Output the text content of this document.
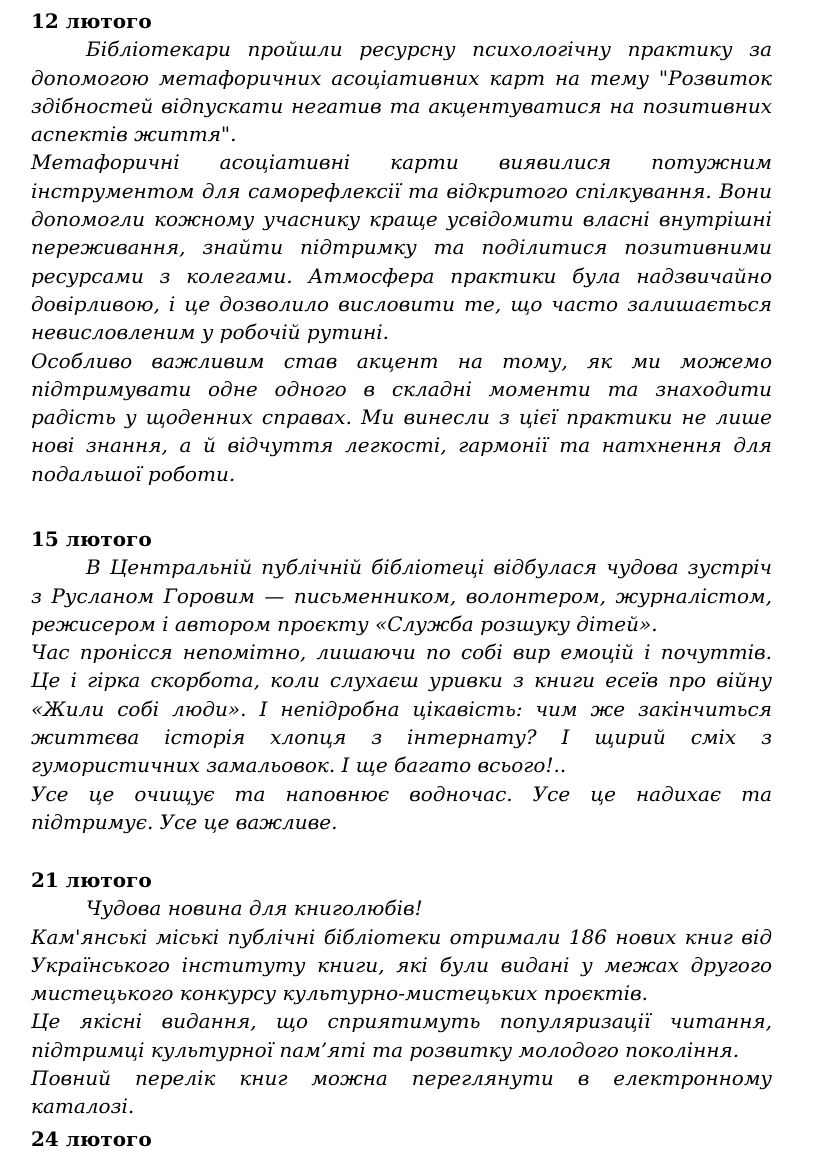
12 лютого

Бібліотекари пройшли ресурсну психологічну практику за допомогою метафоричних асоціативних карт на тему "Розвиток здібностей відпускати негатив та акцентуватися на позитивних аспектів життя".

Метафоричні асоціативні карти виявилися потужним інструментом для саморефлексії та відкритого спілкування. Вони допомогли кожному учаснику краще усвідомити власні внутрішні переживання, знайти підтримку та поділитися позитивними ресурсами з колегами. Атмосфера практики була надзвичайно довірливою, і це дозволило висловити те, що часто залишається невисловленим у робочій рутині.

Особливо важливим став акцент на тому, як ми можемо підтримувати одне одного в складні моменти та знаходити радість у щоденних справах. Ми винесли з цієї практики не лише нові знання, а й відчуття легкості, гармонії та натхнення для подальшої роботи.

15 лютого

В Центральній публічній бібліотеці відбулася чудова зустріч з Русланом Горовим — письменником, волонтером, журналістом, режисером і автором проєкту «Служба розшуку дітей».

Час пронісся непомітно, лишаючи по собі вир емоцій і почуттів. Це і гірка скорбота, коли слухаєш уривки з книги есеїв про війну «Жили собі люди». І непідробна цікавість: чим же закінчиться життєва історія хлопця з інтернату? І щирий сміх з гумористичних замальовок. І ще багато всього!..

Усе це очищує та наповнює водночас. Усе це надихає та підтримує. Усе це важливе.

21 лютого

Чудова новина для книголюбів!

Кам'янські міські публічні бібліотеки отримали 186 нових книг від Українського інституту книги, які були видані у межах другого мистецького конкурсу культурно-мистецьких проєктів.

Це якісні видання, що сприятимуть популяризації читання, підтримці культурної пам’яті та розвитку молодого покоління.

Повний перелік книг можна переглянути в електронному каталозі.

24 лютого
